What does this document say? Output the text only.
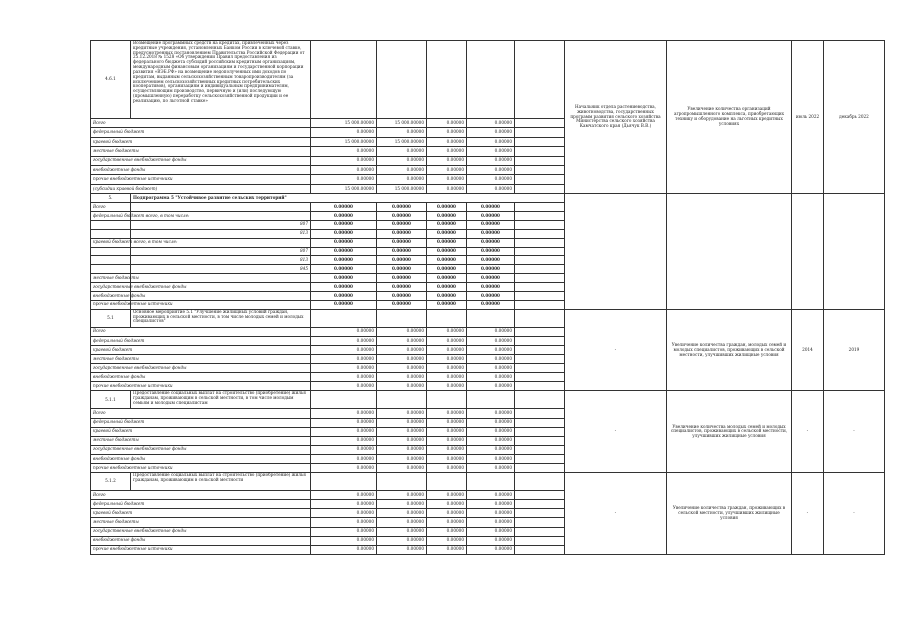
4.6.1	Возмещение программных средств на кредитах, привлеченных через кредитные учреждения, установленных Банком России в ключевой ставке, предусмотренных постановлением Правительства Российской Федерации от 25.12.2018 № 1528 «Об утверждении Правил предоставления из федерального бюджета субсидий российским кредитным организациям, международным финансовым организациям и государственной корпорации развития «ВЭБ.РФ» на возмещение недополученных ими доходов по кредитам, выданным сельскохозяйственным товаропроизводителям (за исключением сельскохозяйственных кредитных потребительских кооперативов), организациям и индивидуальным предпринимателям, осуществляющим производство, первичную и (или) последующую (промышленную) переработку сельскохозяйственной продукции и ее реализацию, по льготной ставке»						Начальник отдела растениеводства, животноводства, государственных программ развития сельского хозяйства Министерства сельского хозяйства Камчатского края (Дьячук В.В.)	Увеличение количества организаций агропромышленного комплекса, приобретающих технику и оборудование на льготных кредитных условиях	июль 2022	декабрь 2022
Всего		15 000.00000	15 000.00000	0.00000	0.00000					
федеральный бюджет		0.00000	0.00000	0.00000	0.00000					
краевой бюджет		15 000.00000	15 000.00000	0.00000	0.00000					
местные бюджеты		0.00000	0.00000	0.00000	0.00000					
государственные внебюджетные фонды		0.00000	0.00000	0.00000	0.00000					
внебюджетные фонды		0.00000	0.00000	0.00000	0.00000					
прочие внебюджетные источники		0.00000	0.00000	0.00000	0.00000					
(субсидии краевой бюджет)		15 000.00000	15 000.00000	0.00000	0.00000					
5.	Подпрограмма 5 "Устойчивое развитие сельских территорий"									
Всего		0.00000	0.00000	0.00000	0.00000					
федеральный бюджет всего, в том числе:		0.00000	0.00000	0.00000	0.00000					
	807	0.00000	0.00000	0.00000	0.00000					
	813	0.00000	0.00000	0.00000	0.00000					
краевой бюджет всего, в том числе:		0.00000	0.00000	0.00000	0.00000					
	807	0.00000	0.00000	0.00000	0.00000					
	813	0.00000	0.00000	0.00000	0.00000					
	845	0.00000	0.00000	0.00000	0.00000					
местные бюджеты		0.00000	0.00000	0.00000	0.00000					
государственные внебюджетные фонды		0.00000	0.00000	0.00000	0.00000					
внебюджетные фонды		0.00000	0.00000	0.00000	0.00000					
прочие внебюджетные источники		0.00000	0.00000	0.00000	0.00000					
5.1	Основное мероприятие 5.1 "Улучшение жилищных условий граждан, проживающих в сельской местности, в том числе молодых семей и молодых специалистов"						-	Увеличение количества граждан, молодых семей и молодых специалистов, проживающих в сельской местности, улучшивших жилищные условия	2014	2019
Всего		0.00000	0.00000	0.00000	0.00000					
федеральный бюджет		0.00000	0.00000	0.00000	0.00000					
краевой бюджет		0.00000	0.00000	0.00000	0.00000					
местные бюджеты		0.00000	0.00000	0.00000	0.00000					
государственные внебюджетные фонды		0.00000	0.00000	0.00000	0.00000					
внебюджетные фонды		0.00000	0.00000	0.00000	0.00000					
прочие внебюджетные источники		0.00000	0.00000	0.00000	0.00000					
5.1.1	Предоставление социальных выплат на строительство (приобретение) жилья гражданам, проживающим в сельской местности, в том числе молодым семьям и молодым специалистам						-	Увеличение количества молодых семей и молодых специалистов, проживающих в сельской местности, улучшивших жилищные условия	-	-
Всего		0.00000	0.00000	0.00000	0.00000					
федеральный бюджет		0.00000	0.00000	0.00000	0.00000					
краевой бюджет		0.00000	0.00000	0.00000	0.00000					
местные бюджеты		0.00000	0.00000	0.00000	0.00000					
государственные внебюджетные фонды		0.00000	0.00000	0.00000	0.00000					
внебюджетные фонды		0.00000	0.00000	0.00000	0.00000					
прочие внебюджетные источники		0.00000	0.00000	0.00000	0.00000					
5.1.2	Предоставление социальных выплат на строительство (приобретение) жилья гражданам, проживающим в сельской местности						-	Увеличение количества граждан, проживающих в сельской местности, улучшивших жилищные условия	-	-
Всего		0.00000	0.00000	0.00000	0.00000					
федеральный бюджет		0.00000	0.00000	0.00000	0.00000					
краевой бюджет		0.00000	0.00000	0.00000	0.00000					
местные бюджеты		0.00000	0.00000	0.00000	0.00000					
государственные внебюджетные фонды		0.00000	0.00000	0.00000	0.00000					
внебюджетные фонды		0.00000	0.00000	0.00000	0.00000					
прочие внебюджетные источники		0.00000	0.00000	0.00000	0.00000					
